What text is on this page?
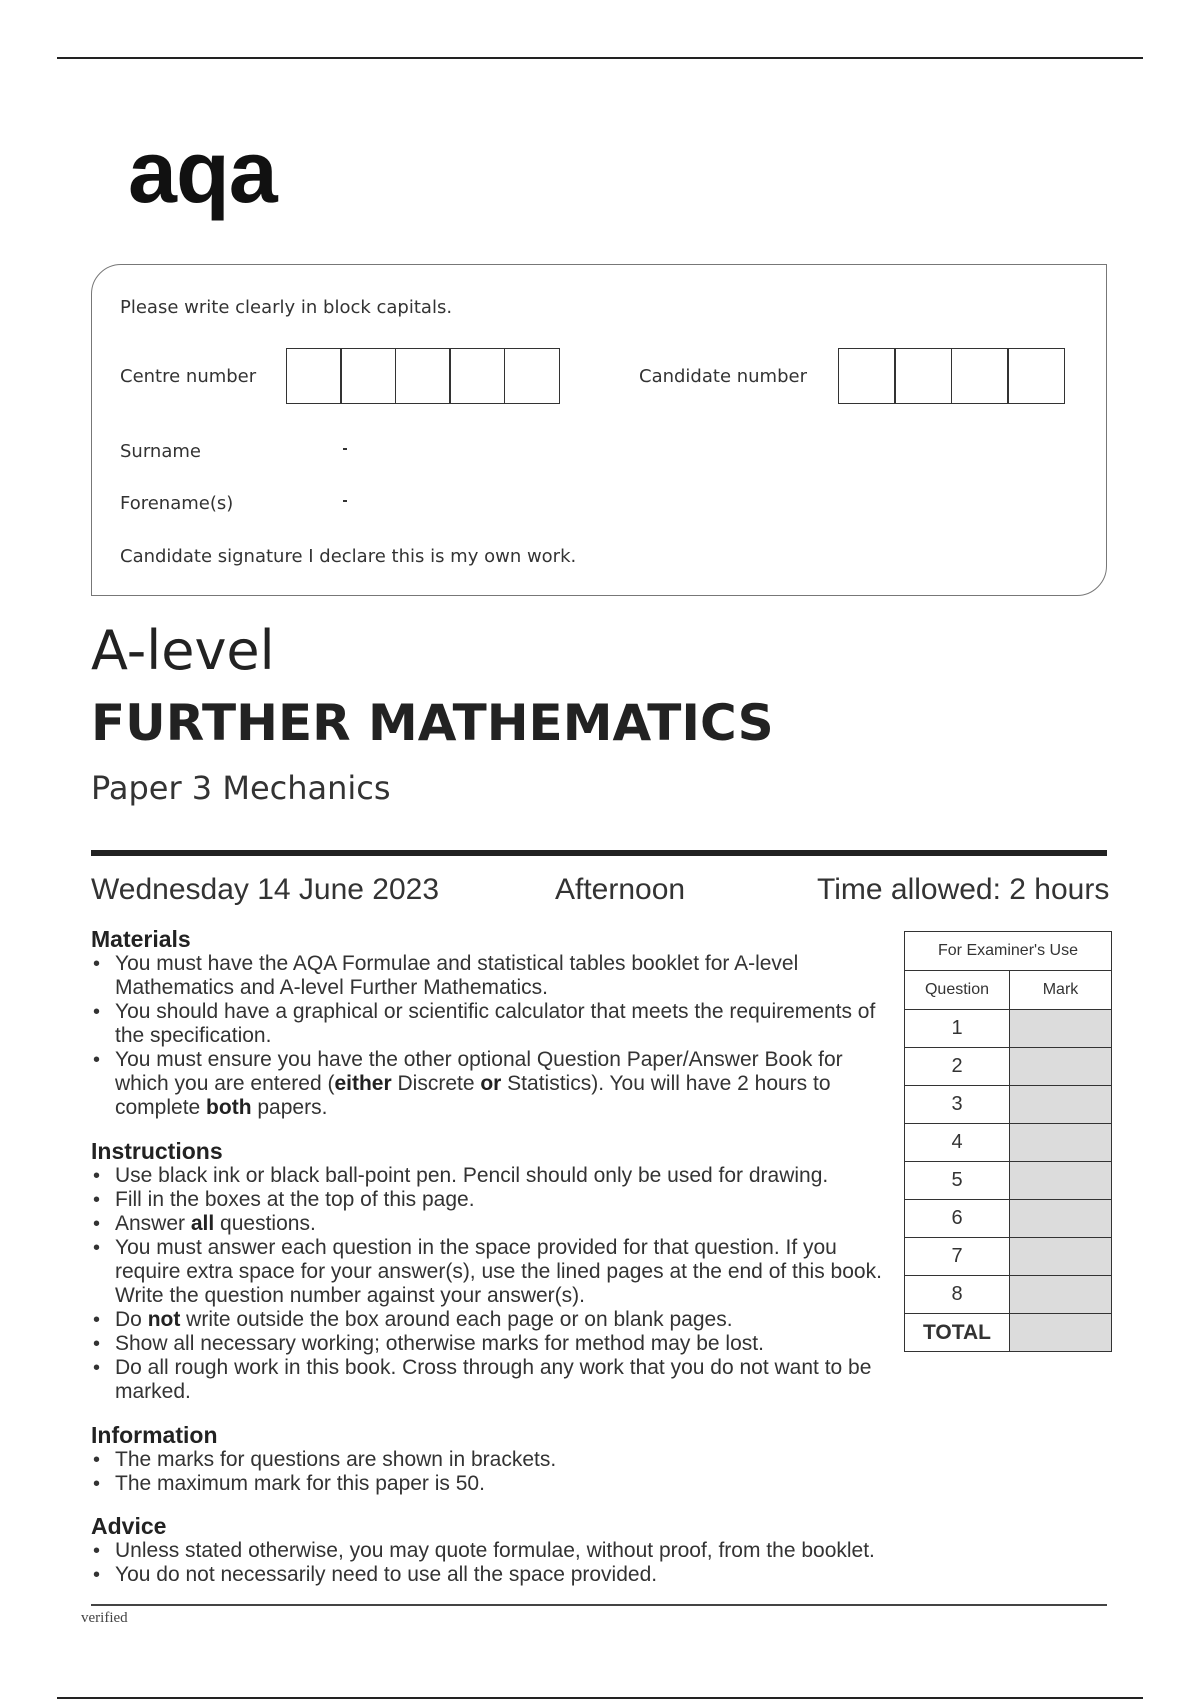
aqa
Please write clearly in block capitals.
Centre number	Candidate number
Surname
Forename(s)
Candidate signature I declare this is my own work.
A-level
FURTHER MATHEMATICS
Paper 3 Mechanics
Wednesday 14 June 2023	Afternoon	Time allowed: 2 hours
Materials
• You must have the AQA Formulae and statistical tables booklet for A-level Mathematics and A-level Further Mathematics.
• You should have a graphical or scientific calculator that meets the requirements of the specification.
• You must ensure you have the other optional Question Paper/Answer Book for which you are entered (either Discrete or Statistics). You will have 2 hours to complete both papers.
Instructions
• Use black ink or black ball-point pen. Pencil should only be used for drawing.
• Fill in the boxes at the top of this page.
• Answer all questions.
• You must answer each question in the space provided for that question. If you require extra space for your answer(s), use the lined pages at the end of this book. Write the question number against your answer(s).
• Do not write outside the box around each page or on blank pages.
• Show all necessary working; otherwise marks for method may be lost.
• Do all rough work in this book. Cross through any work that you do not want to be marked.
Information
• The marks for questions are shown in brackets.
• The maximum mark for this paper is 50.
Advice
• Unless stated otherwise, you may quote formulae, without proof, from the booklet.
• You do not necessarily need to use all the space provided.
For Examiner's Use	
Question	Mark
1	
2	
3	
4	
5	
6	
7	
8	
TOTAL	
verified
